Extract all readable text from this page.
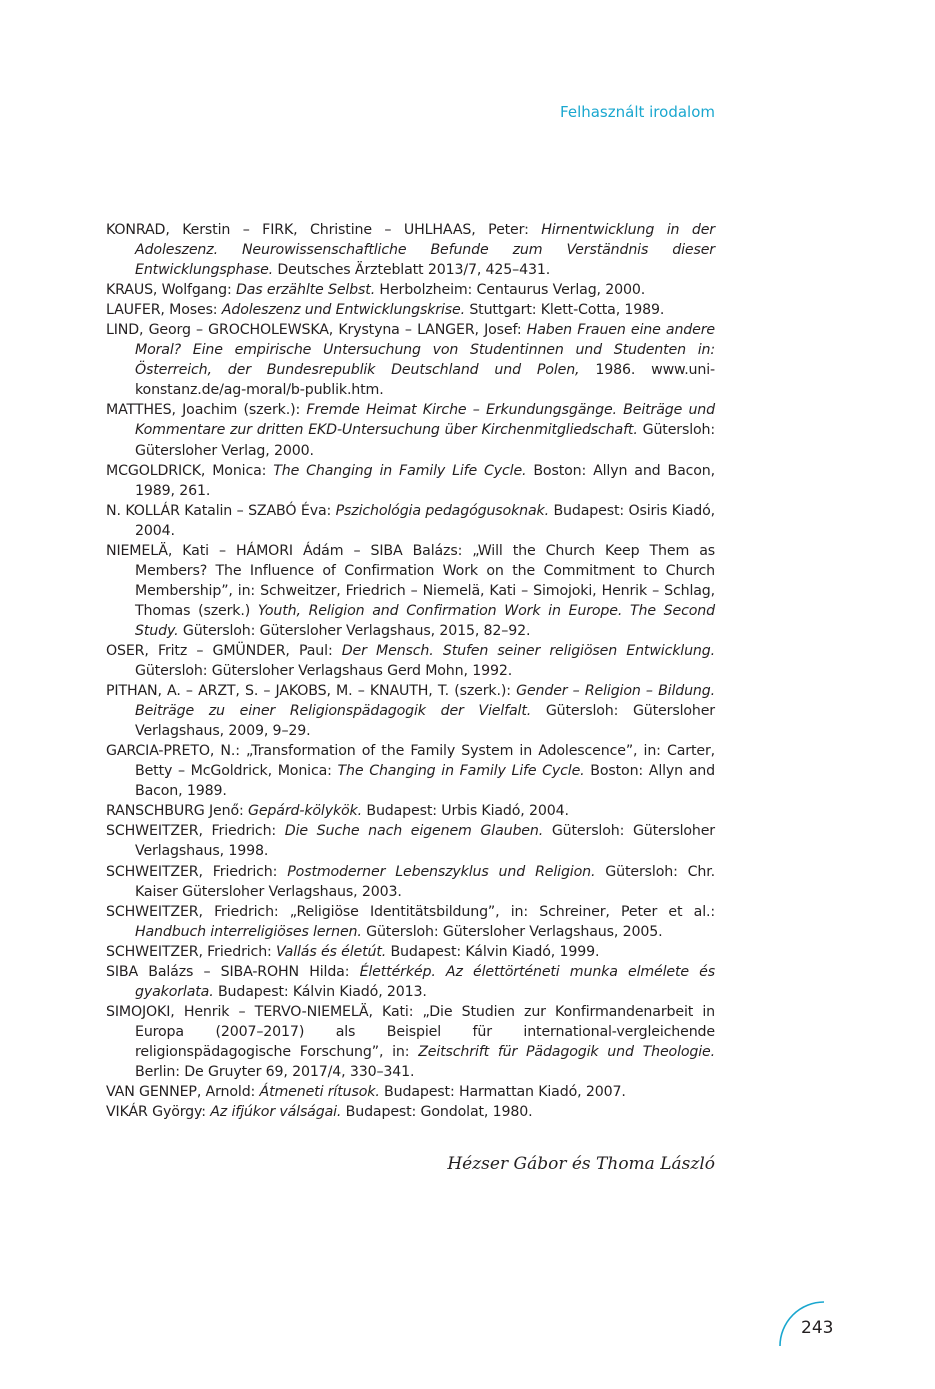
Felhasznált irodalom

KONRAD, Kerstin – FIRK, Christine – UHLHAAS, Peter: Hirnentwicklung in der Adoleszenz. Neurowissenschaftliche Befunde zum Verständnis dieser Entwicklungsphase. Deutsches Ärzteblatt 2013/7, 425–431.

KRAUS, Wolfgang: Das erzählte Selbst. Herbolzheim: Centaurus Verlag, 2000.

LAUFER, Moses: Adoleszenz und Entwicklungskrise. Stuttgart: Klett-Cotta, 1989.

LIND, Georg – GROCHOLEWSKA, Krystyna – LANGER, Josef: Haben Frauen eine andere Moral? Eine empirische Untersuchung von Studentinnen und Studenten in: Österreich, der Bundesrepublik Deutschland und Polen, 1986. www.uni-konstanz.de/ag-moral/b-publik.htm.

MATTHES, Joachim (szerk.): Fremde Heimat Kirche – Erkundungsgänge. Beiträge und Kommentare zur dritten EKD-Untersuchung über Kirchenmitgliedschaft. Gütersloh: Gütersloher Verlag, 2000.

MCGOLDRICK, Monica: The Changing in Family Life Cycle. Boston: Allyn and Bacon, 1989, 261.

N. KOLLÁR Katalin – SZABÓ Éva: Pszichológia pedagógusoknak. Budapest: Osiris Kiadó, 2004.

NIEMELÄ, Kati – HÁMORI Ádám – SIBA Balázs: „Will the Church Keep Them as Members? The Influence of Confirmation Work on the Commitment to Church Membership”, in: Schweitzer, Friedrich – Niemelä, Kati – Simojoki, Henrik – Schlag, Thomas (szerk.) Youth, Religion and Confirmation Work in Europe. The Second Study. Gütersloh: Gütersloher Verlagshaus, 2015, 82–92.

OSER, Fritz – GMÜNDER, Paul: Der Mensch. Stufen seiner religiösen Entwicklung. Gütersloh: Gütersloher Verlagshaus Gerd Mohn, 1992.

PITHAN, A. – ARZT, S. – JAKOBS, M. – KNAUTH, T. (szerk.): Gender – Religion – Bildung. Beiträge zu einer Religionspädagogik der Vielfalt. Gütersloh: Gütersloher Verlagshaus, 2009, 9–29.

GARCIA-PRETO, N.: „Transformation of the Family System in Adolescence”, in: Carter, Betty – McGoldrick, Monica: The Changing in Family Life Cycle. Boston: Allyn and Bacon, 1989.

RANSCHBURG Jenő: Gepárd-kölykök. Budapest: Urbis Kiadó, 2004.

SCHWEITZER, Friedrich: Die Suche nach eigenem Glauben. Gütersloh: Gütersloher Verlagshaus, 1998.

SCHWEITZER, Friedrich: Postmoderner Lebenszyklus und Religion. Gütersloh: Chr. Kaiser Gütersloher Verlagshaus, 2003.

SCHWEITZER, Friedrich: „Religiöse Identitätsbildung”, in: Schreiner, Peter et al.: Handbuch interreligiöses lernen. Gütersloh: Gütersloher Verlagshaus, 2005.

SCHWEITZER, Friedrich: Vallás és életút. Budapest: Kálvin Kiadó, 1999.

SIBA Balázs – SIBA-ROHN Hilda: Élettérkép. Az élettörténeti munka elmélete és gyakorlata. Budapest: Kálvin Kiadó, 2013.

SIMOJOKI, Henrik – TERVO-NIEMELÄ, Kati: „Die Studien zur Konfirmandenarbeit in Europa (2007–2017) als Beispiel für international-vergleichende religionspädagogische Forschung”, in: Zeitschrift für Pädagogik und Theologie. Berlin: De Gruyter 69, 2017/4, 330–341.

VAN GENNEP, Arnold: Átmeneti rítusok. Budapest: Harmattan Kiadó, 2007.

VIKÁR György: Az ifjúkor válságai. Budapest: Gondolat, 1980.

Hézser Gábor és Thoma László
243
